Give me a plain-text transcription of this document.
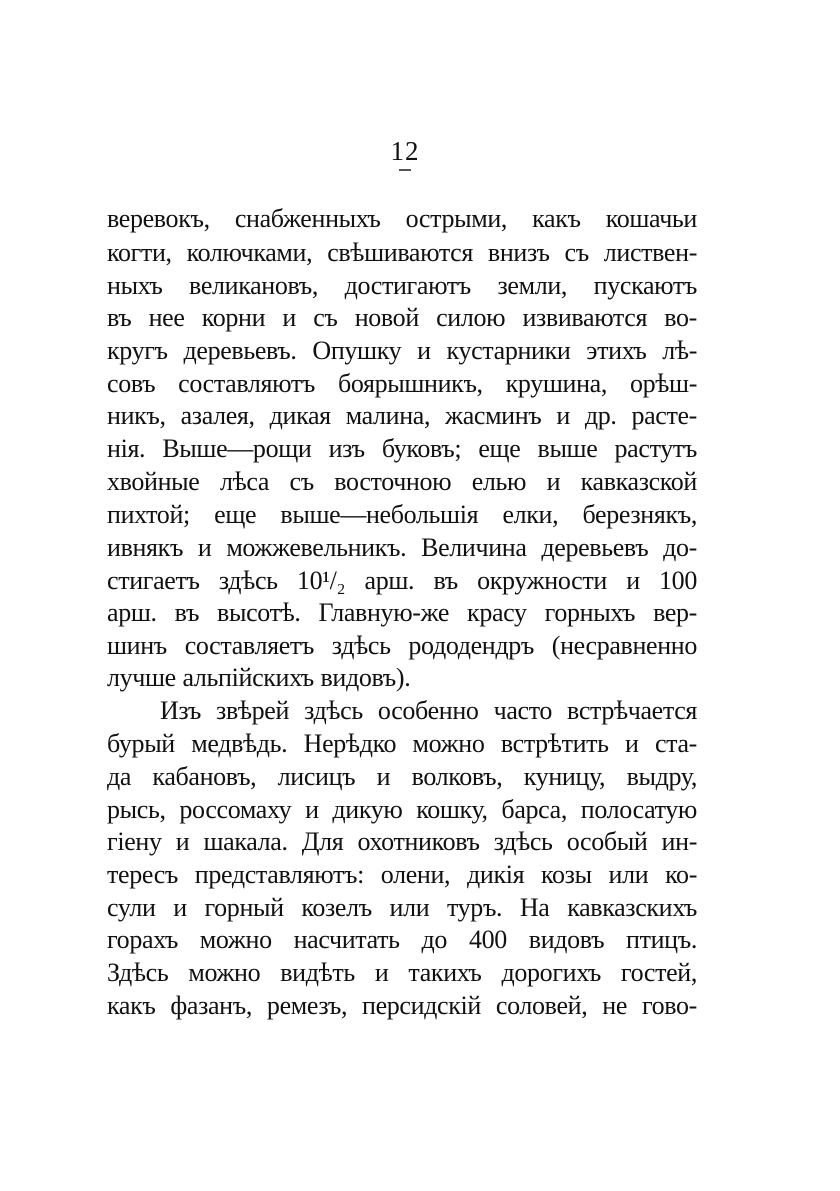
12
веревокъ, снабженныхъ острыми, какъ кошачьи
когти, колючками, свѣшиваются внизъ съ листвен-
ныхъ великановъ, достигаютъ земли, пускаютъ
въ нее корни и съ новой силою извиваются во-
кругъ деревьевъ. Опушку и кустарники этихъ лѣ-
совъ составляютъ боярышникъ, крушина, орѣш-
никъ, азалея, дикая малина, жасминъ и др. расте-
нія. Выше—рощи изъ буковъ; еще выше растутъ
хвойные лѣса съ восточною елью и кавказской
пихтой; еще выше—небольшія елки, березнякъ,
ивнякъ и можжевельникъ. Величина деревьевъ до-
стигаетъ здѣсь 10¹/₂ арш. въ окружности и 100
арш. въ высотѣ. Главную-же красу горныхъ вер-
шинъ составляетъ здѣсь рододендръ (несравненно
лучше альпійскихъ видовъ).
Изъ звѣрей здѣсь особенно часто встрѣчается
бурый медвѣдь. Нерѣдко можно встрѣтить и ста-
да кабановъ, лисицъ и волковъ, куницу, выдру,
рысь, россомаху и дикую кошку, барса, полосатую
гіену и шакала. Для охотниковъ здѣсь особый ин-
тересъ представляютъ: олени, дикія козы или ко-
сули и горный козелъ или туръ. На кавказскихъ
горахъ можно насчитать до 400 видовъ птицъ.
Здѣсь можно видѣть и такихъ дорогихъ гостей,
какъ фазанъ, ремезъ, персидскій соловей, не гово-
